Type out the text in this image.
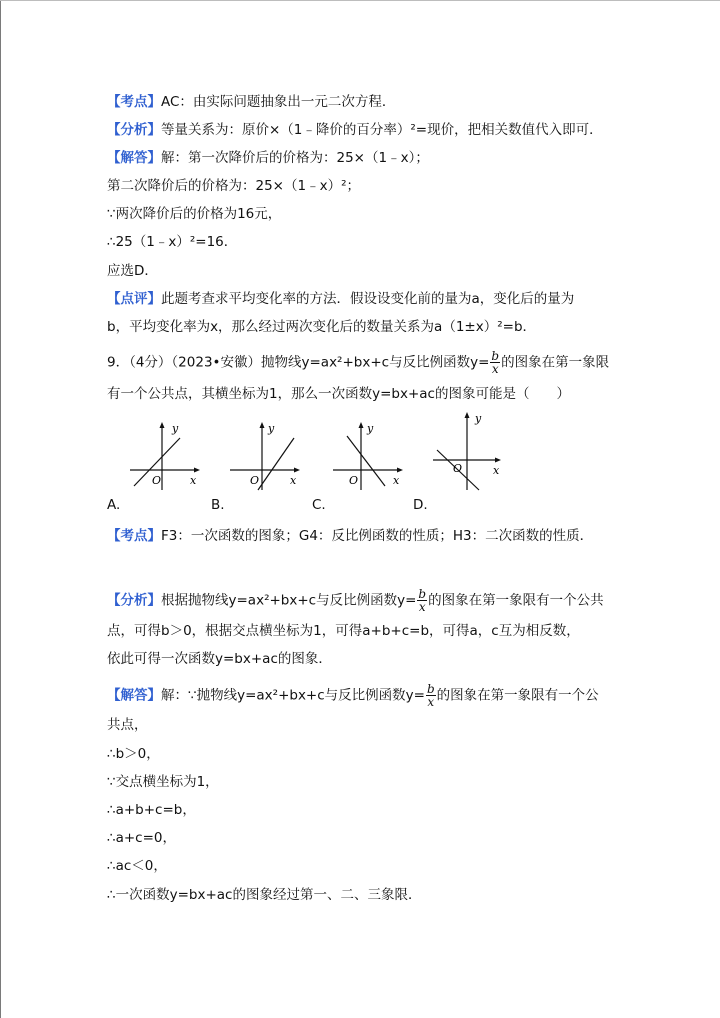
【考点】AC：由实际问题抽象出一元二次方程．
【分析】等量关系为：原价×（1﹣降价的百分率）²=现价，把相关数值代入即可．
【解答】解：第一次降价后的价格为：25×（1﹣x）；
第二次降价后的价格为：25×（1﹣x）²；
∵两次降价后的价格为16元，
∴25（1﹣x）²=16．
应选D．
【点评】此题考查求平均变化率的方法．假设设变化前的量为a，变化后的量为
b，平均变化率为x，那么经过两次变化后的数量关系为a（1±x）²=b．
9．（4分）（2023•安徽）抛物线y=ax²+bx+c与反比例函数$y= \frac{b}{x}$ 的图象在第一象限
有一个公共点，其横坐标为1，那么一次函数y=bx+ac的图象可能是（　　）
y
x
O
y
x
O
y
x
O
y
x
O
A.	B.	C.	D.
【考点】F3：一次函数的图象；G4：反比例函数的性质；H3：二次函数的性质．
【分析】根据抛物线y=ax²+bx+c与反比例函数$y= \frac{b}{x}$ 的图象在第一象限有一个公共
点，可得b＞0，根据交点横坐标为1，可得a+b+c=b，可得a，c互为相反数，
依此可得一次函数y=bx+ac的图象．
【解答】解：∵抛物线y=ax²+bx+c与反比例函数$y= \frac{b}{x}$ 的图象在第一象限有一个公
共点，
∴b＞0，
∵交点横坐标为1，
∴a+b+c=b，
∴a+c=0，
∴ac＜0，
∴一次函数y=bx+ac的图象经过第一、二、三象限．
